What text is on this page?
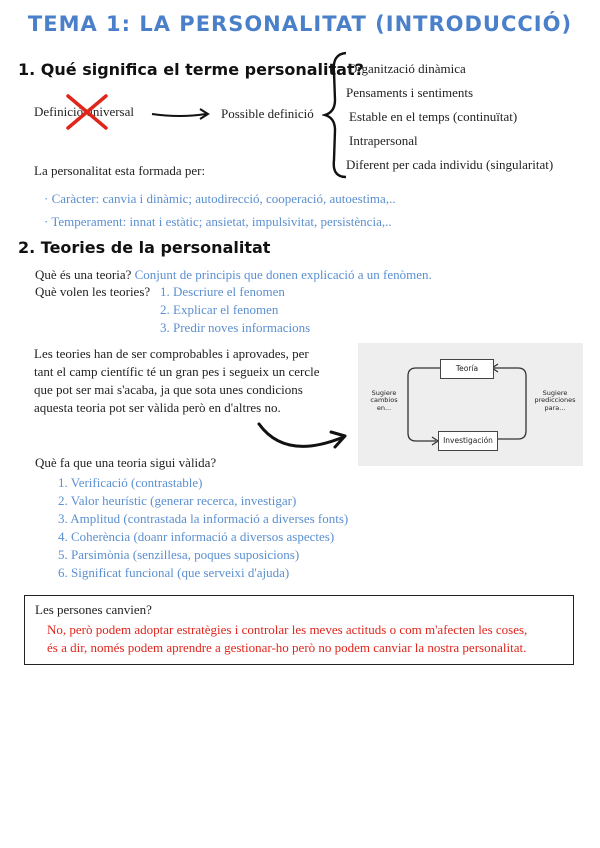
TEMA 1: LA PERSONALITAT (INTRODUCCIÓ)
1. Qué significa el terme personalitat?
Definició universal	Possible definició
Organització dinàmica
Pensaments i sentiments
Estable en el temps (continuïtat)
Intrapersonal
Diferent per cada individu (singularitat)
La personalitat esta formada per:
· Caràcter: canvia i dinàmic; autodirecció, cooperació, autoestima,..
· Temperament: innat i estàtic; ansietat, impulsivitat, persistència,..
2. Teories de la personalitat
Què és una teoria? Conjunt de principis que donen explicació a un fenòmen.
Què volen les teories? 1. Descriure el fenomen
2. Explicar el fenomen
3. Predir noves informacions
Les teories han de ser comprobables i aprovades, per
tant el camp científic té un gran pes i segueix un cercle
que pot ser mai s'acaba, ja que sota unes condicions
aquesta teoria pot ser vàlida però en d'altres no.
Teoría
Investigación
Sugiere
cambios
en...
Sugiere
predicciones
para...
Què fa que una teoria sigui vàlida?
1. Verificació (contrastable)
2. Valor heurístic (generar recerca, investigar)
3. Amplitud (contrastada la informació a diverses fonts)
4. Coherència (doanr informació a diversos aspectes)
5. Parsimònia (senzillesa, poques suposicions)
6. Significat funcional (que serveixi d'ajuda)
Les persones canvien?
No, però podem adoptar estratègies i controlar les meves actituds o com m'afecten les coses,
és a dir, només podem aprendre a gestionar-ho però no podem canviar la nostra personalitat.
